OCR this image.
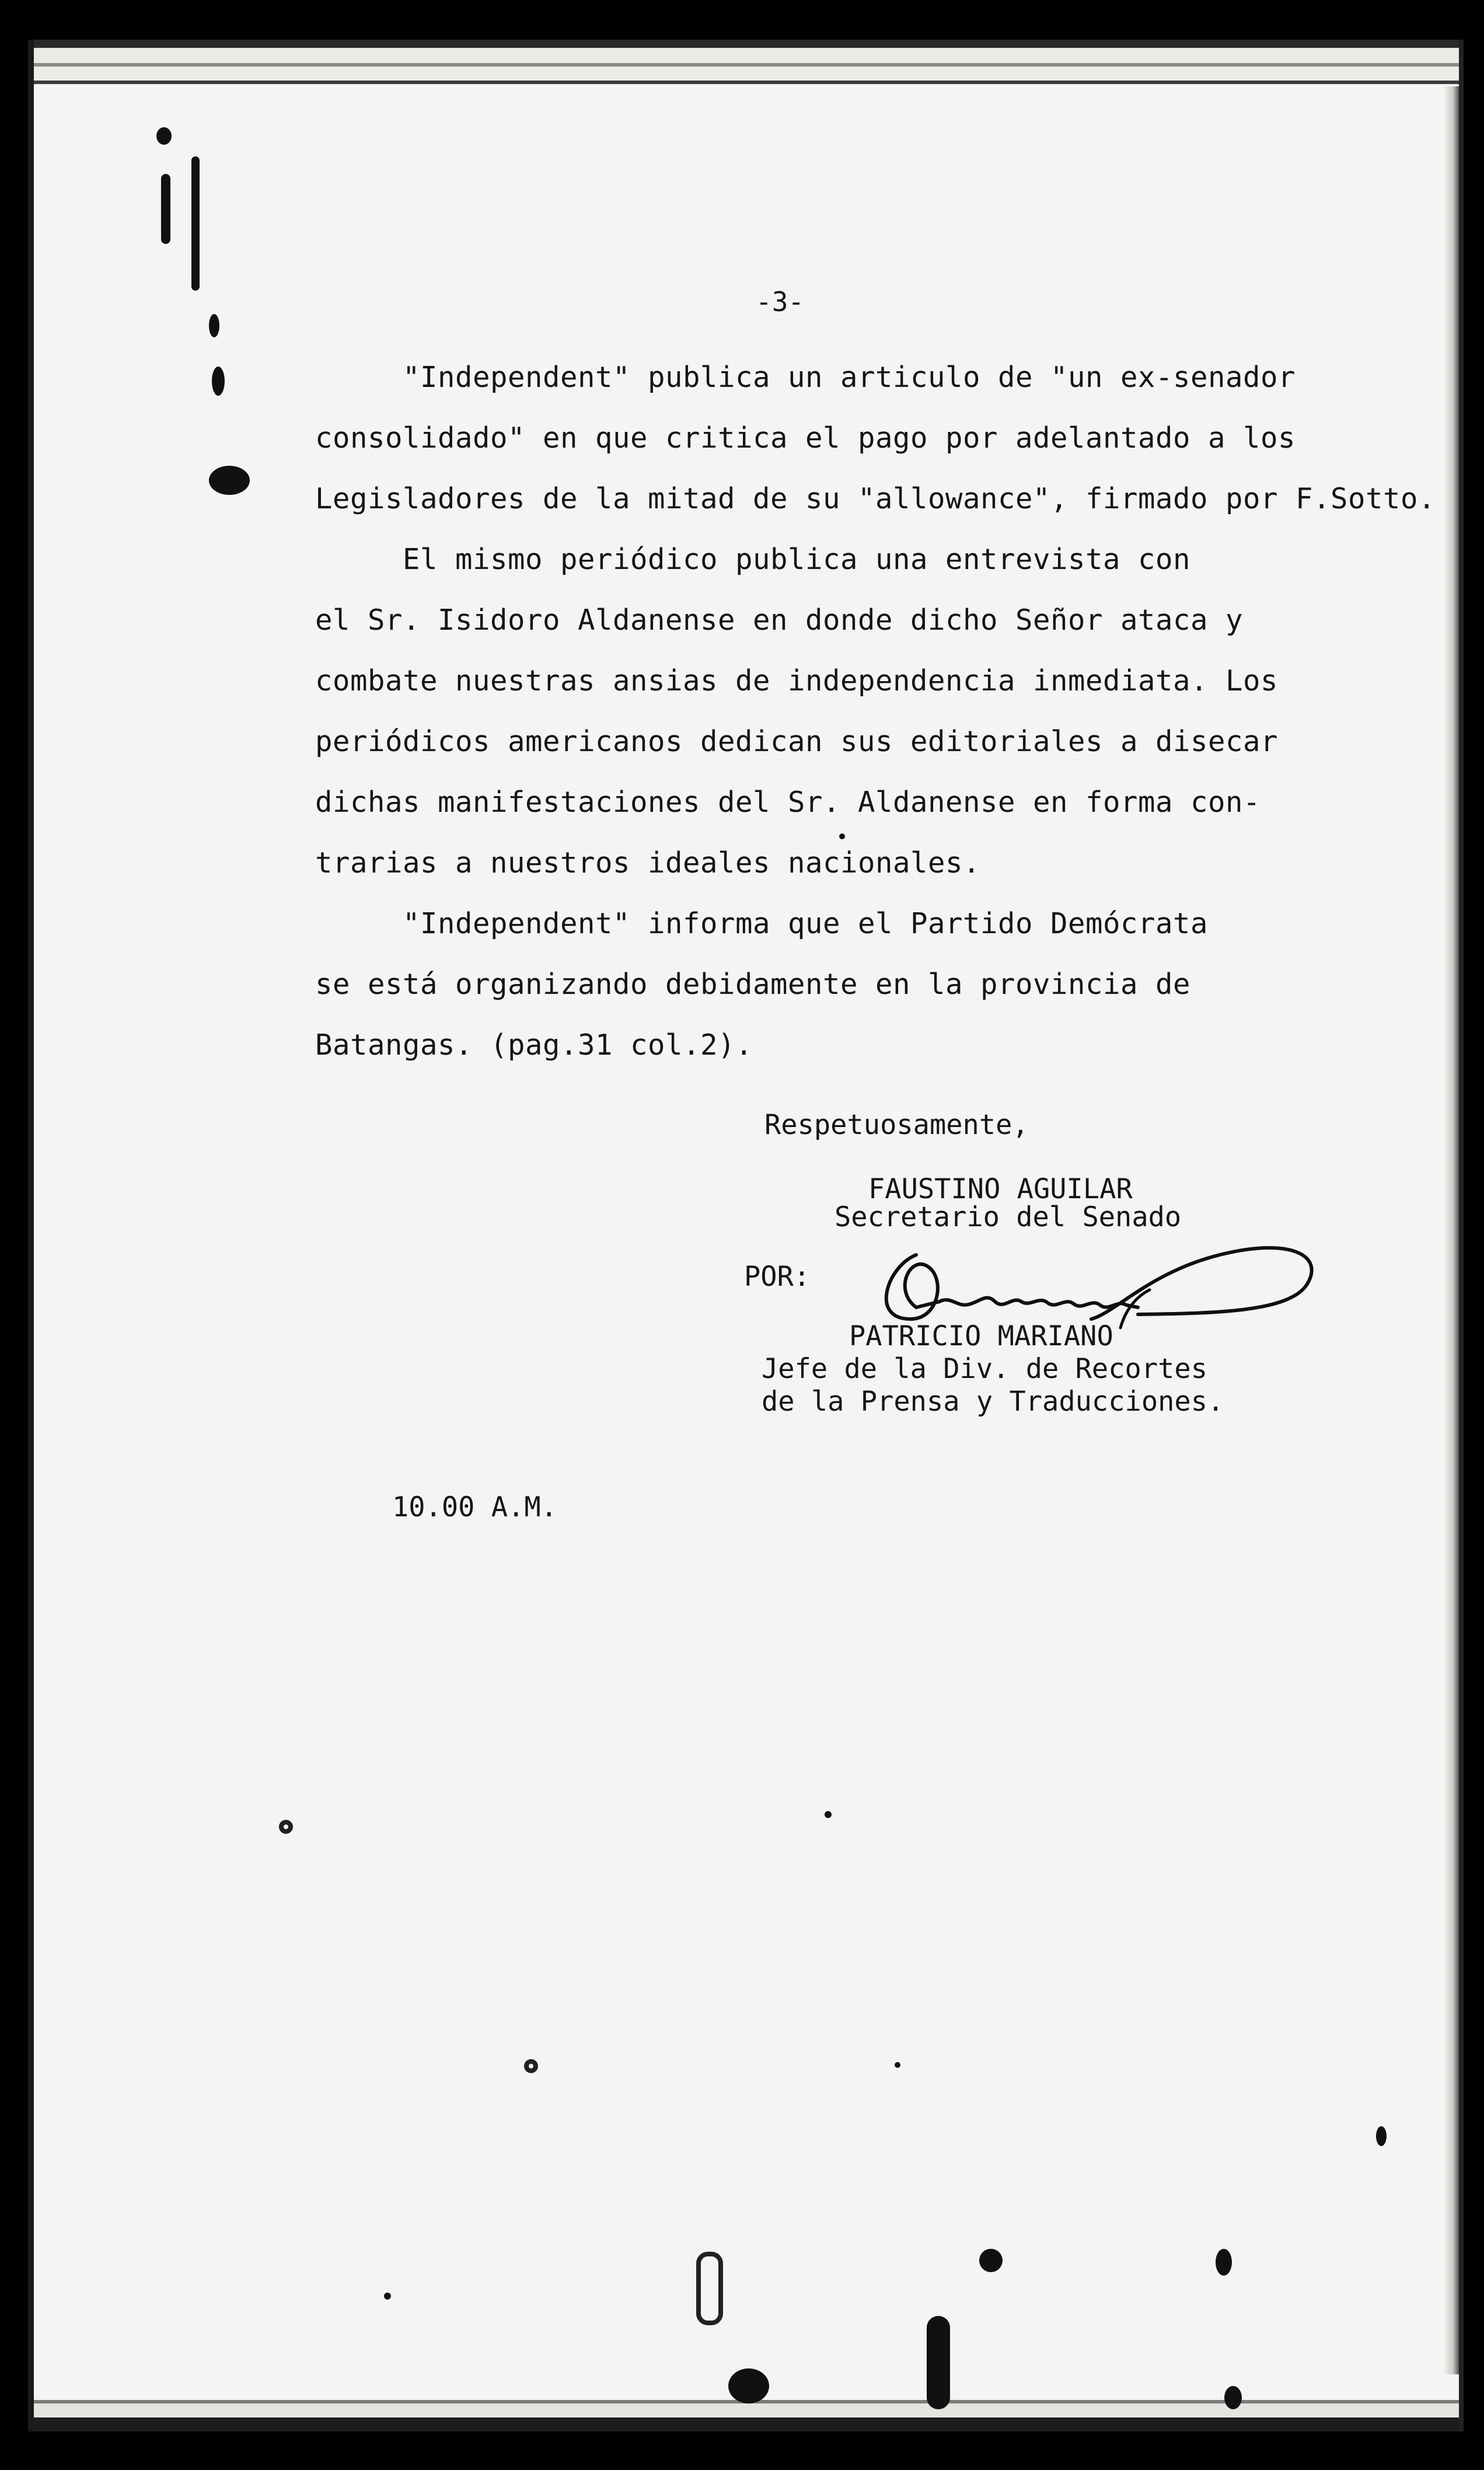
-3-

"Independent" publica un articulo de "un ex-senador

consolidado" en que critica el pago por adelantado a los

Legisladores de la mitad de su "allowance", firmado por F.Sotto.

El mismo periódico publica una entrevista con

el Sr. Isidoro Aldanense en donde dicho Señor ataca y

combate nuestras ansias de independencia inmediata. Los

periódicos americanos dedican sus editoriales a disecar

dichas manifestaciones del Sr. Aldanense en forma con-

trarias a nuestros ideales nacionales.

"Independent" informa que el Partido Demócrata

se está organizando debidamente en la provincia de

Batangas. (pag.31 col.2).

Respetuosamente,
FAUSTINO AGUILAR
Secretario del Senado
POR:
PATRICIO MARIANO
Jefe de la Div. de Recortes
de la Prensa y Traducciones.
10.00 A.M.
